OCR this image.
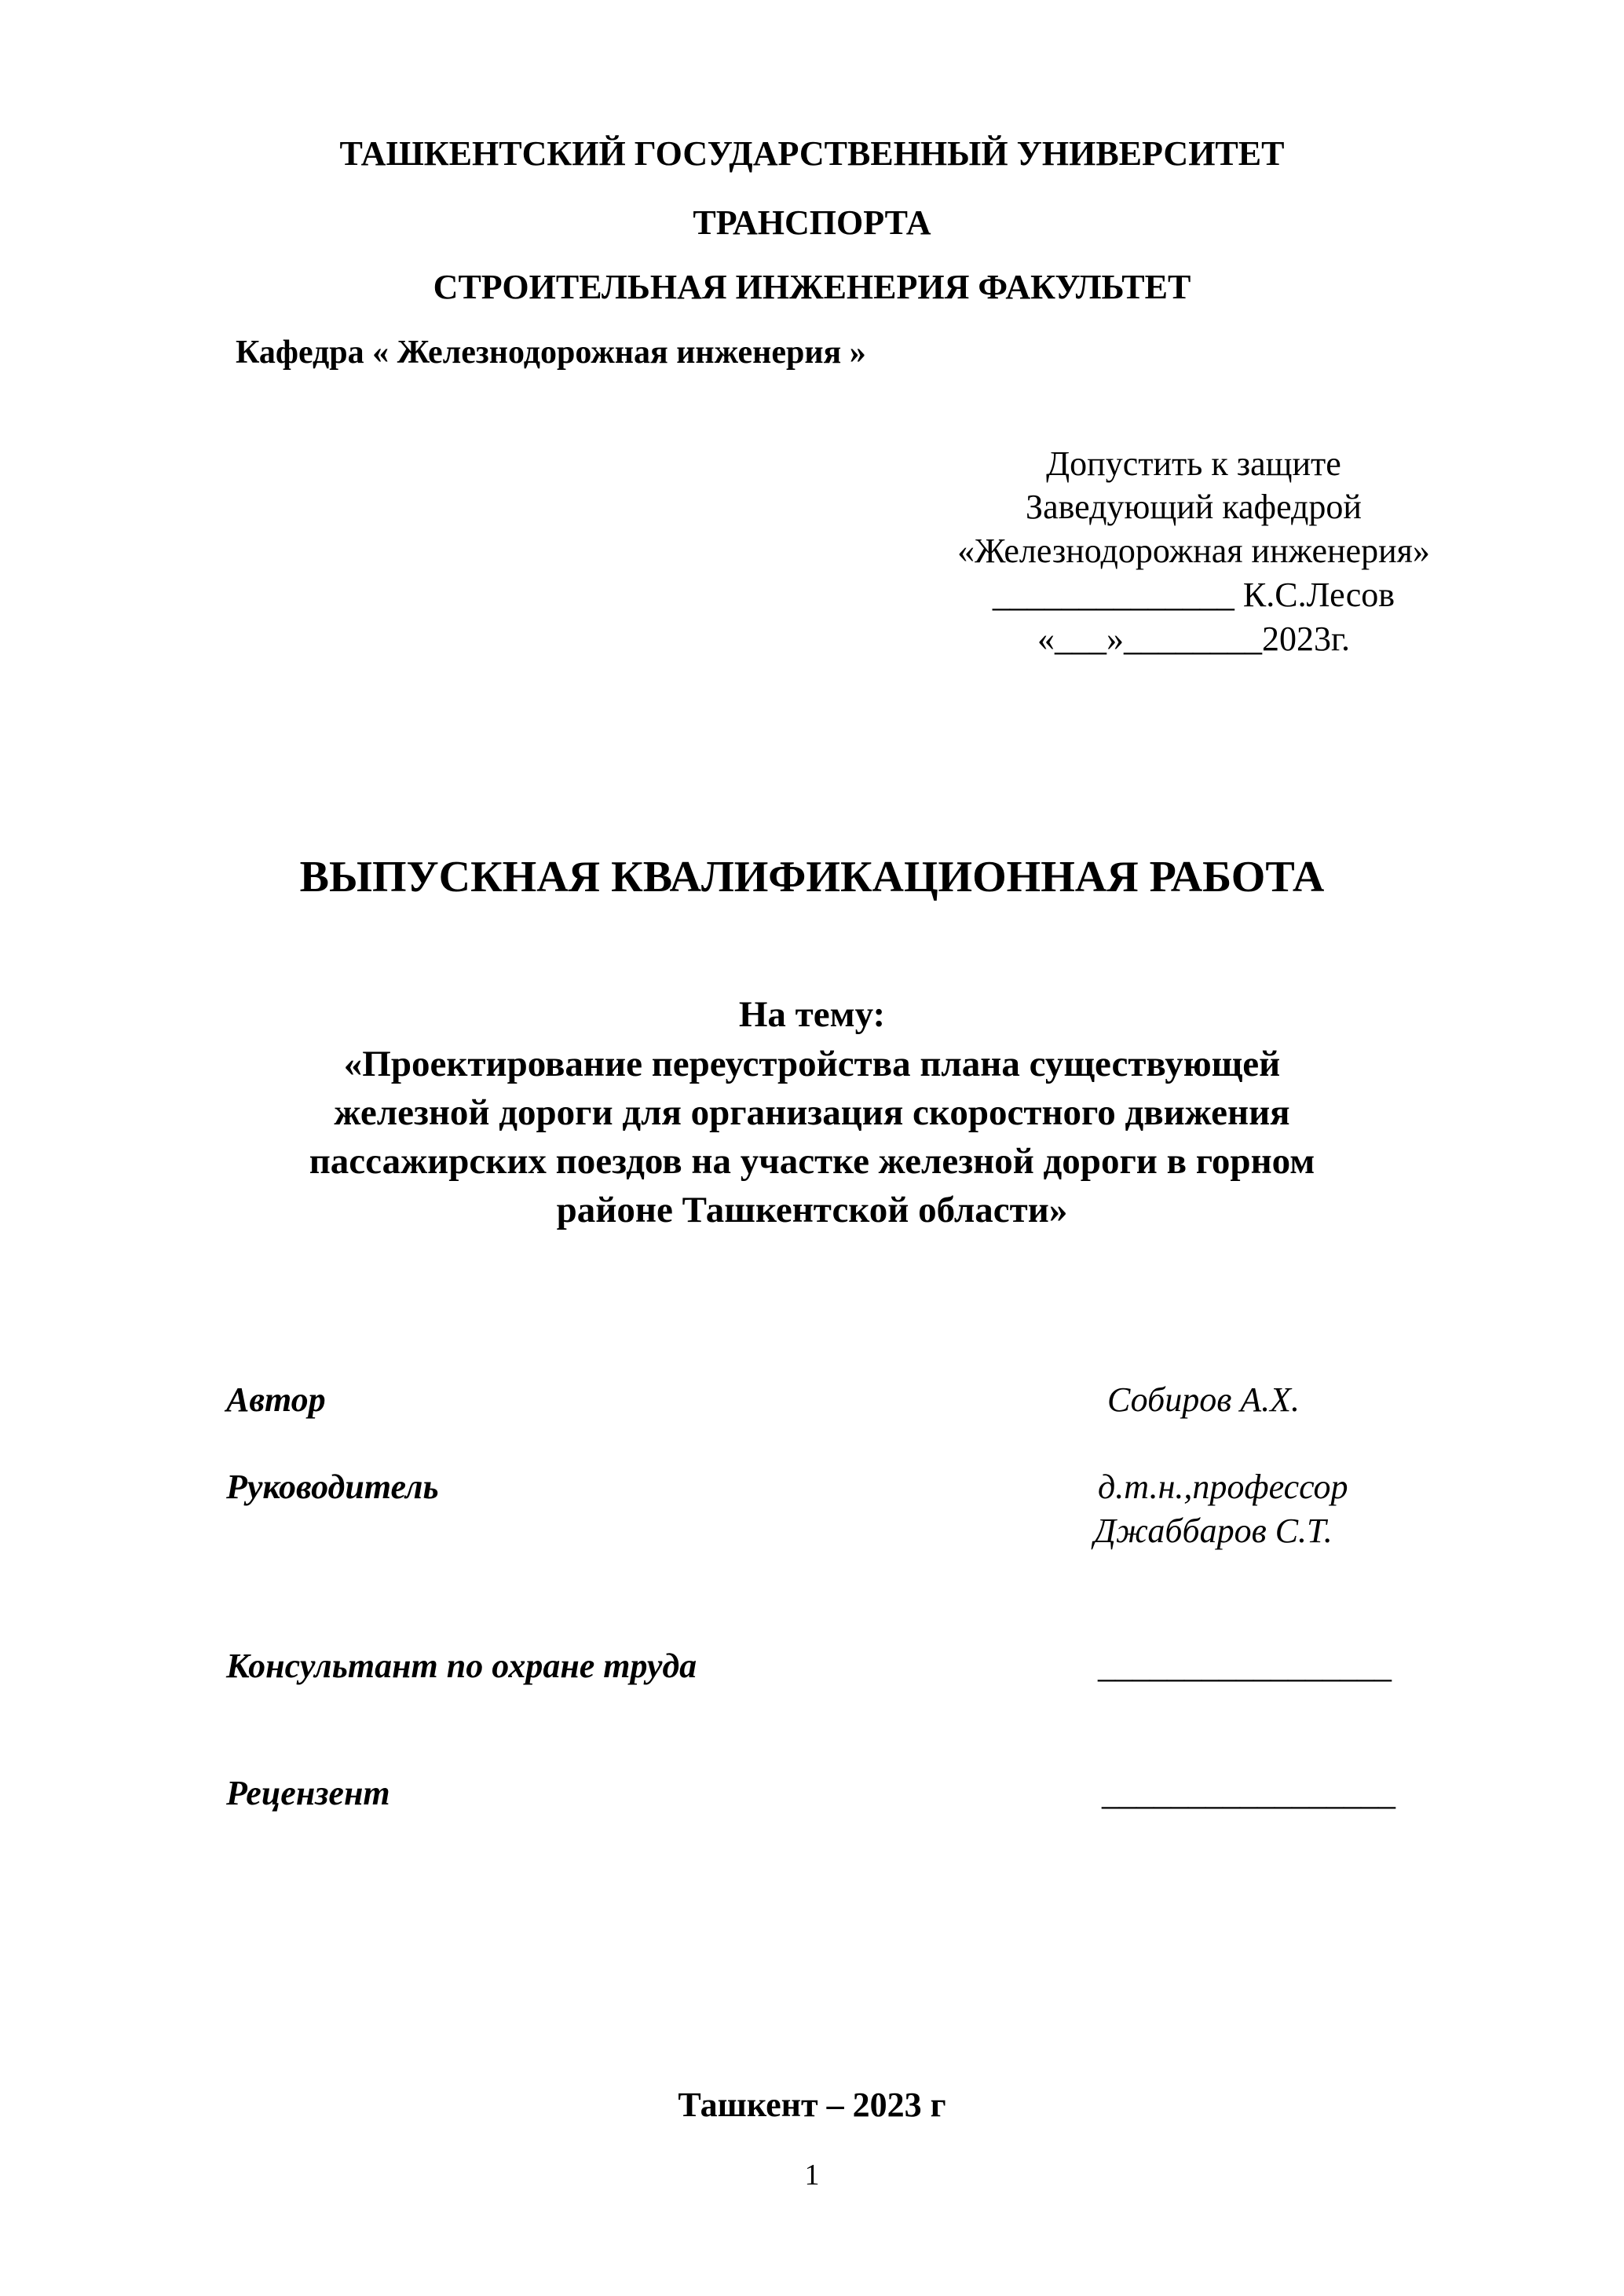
ТАШКЕНТСКИЙ ГОСУДАРСТВЕННЫЙ УНИВЕРСИТЕТ
ТРАНСПОРТА
СТРОИТЕЛЬНАЯ ИНЖЕНЕРИЯ ФАКУЛЬТЕТ
Кафедра « Железнодорожная инженерия »
Допустить к защите
Заведующий кафедрой
«Железнодорожная инженерия»
______________ К.С.Лесов
«___»________2023г.
ВЫПУСКНАЯ КВАЛИФИКАЦИОННАЯ РАБОТА
На тему:
«Проектирование переустройства плана существующей
железной дороги для организация скоростного движения
пассажирских поездов на участке железной дороги в горном
районе Ташкентской области»
Автор	Собиров А.Х.
Руководитель	д.т.н.,профессор
Джаббаров С.Т.
Консультант по охране труда	_________________
Рецензент	_________________
Ташкент – 2023 г
1
